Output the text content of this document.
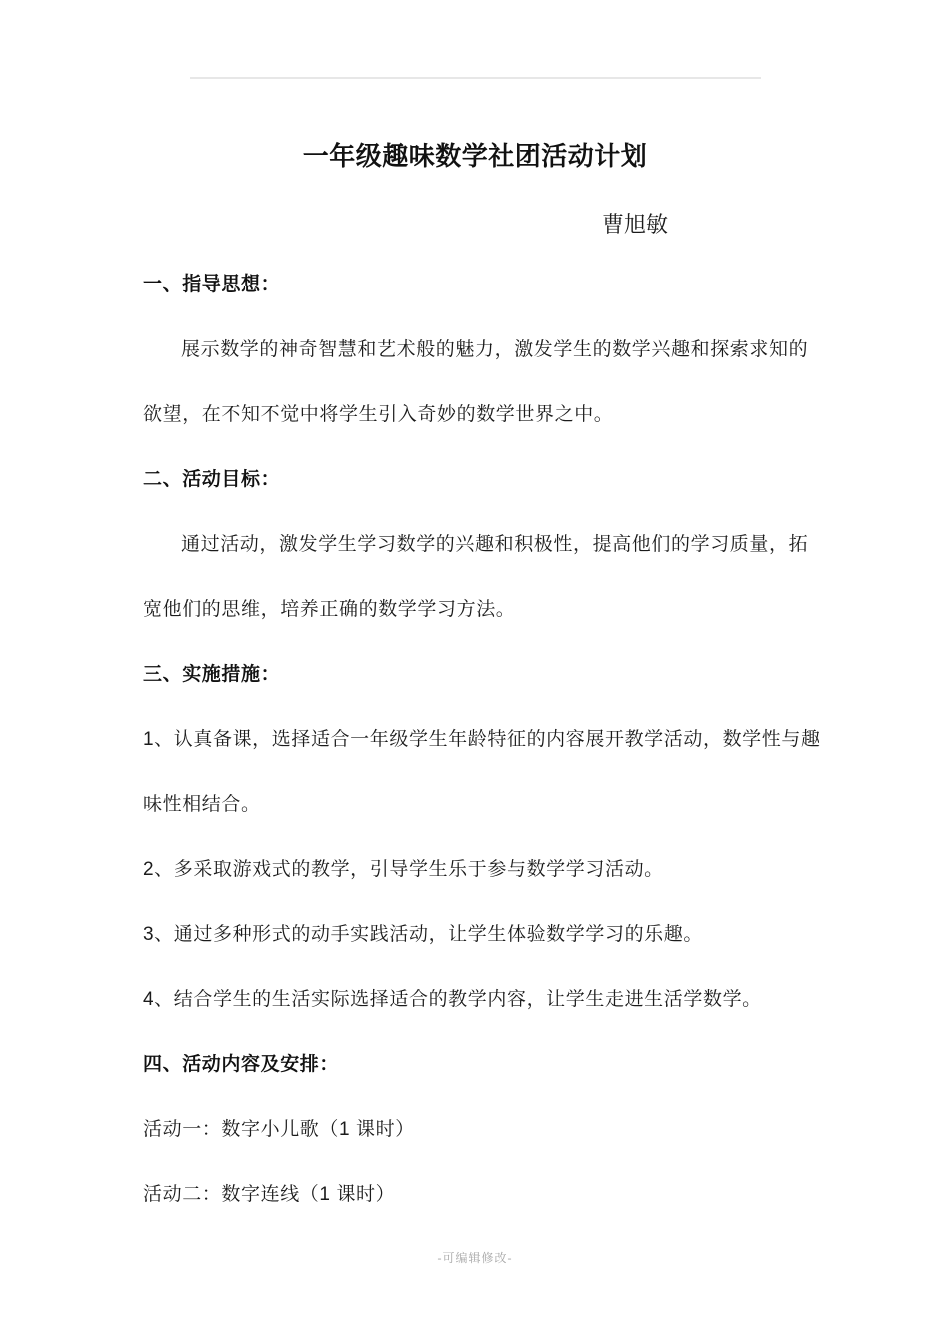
一年级趣味数学社团活动计划
曹旭敏

一、指导思想：

展示数学的神奇智慧和艺术般的魅力，激发学生的数学兴趣和探索求知的

欲望，在不知不觉中将学生引入奇妙的数学世界之中。

二、活动目标：

通过活动，激发学生学习数学的兴趣和积极性，提高他们的学习质量，拓

宽他们的思维，培养正确的数学学习方法。

三、实施措施：

1、认真备课，选择适合一年级学生年龄特征的内容展开教学活动，数学性与趣

味性相结合。

2、多采取游戏式的教学，引导学生乐于参与数学学习活动。

3、通过多种形式的动手实践活动，让学生体验数学学习的乐趣。

4、结合学生的生活实际选择适合的教学内容，让学生走进生活学数学。

四、活动内容及安排：

活动一：数字小儿歌（1 课时）

活动二：数字连线（1 课时）

-可编辑修改-
